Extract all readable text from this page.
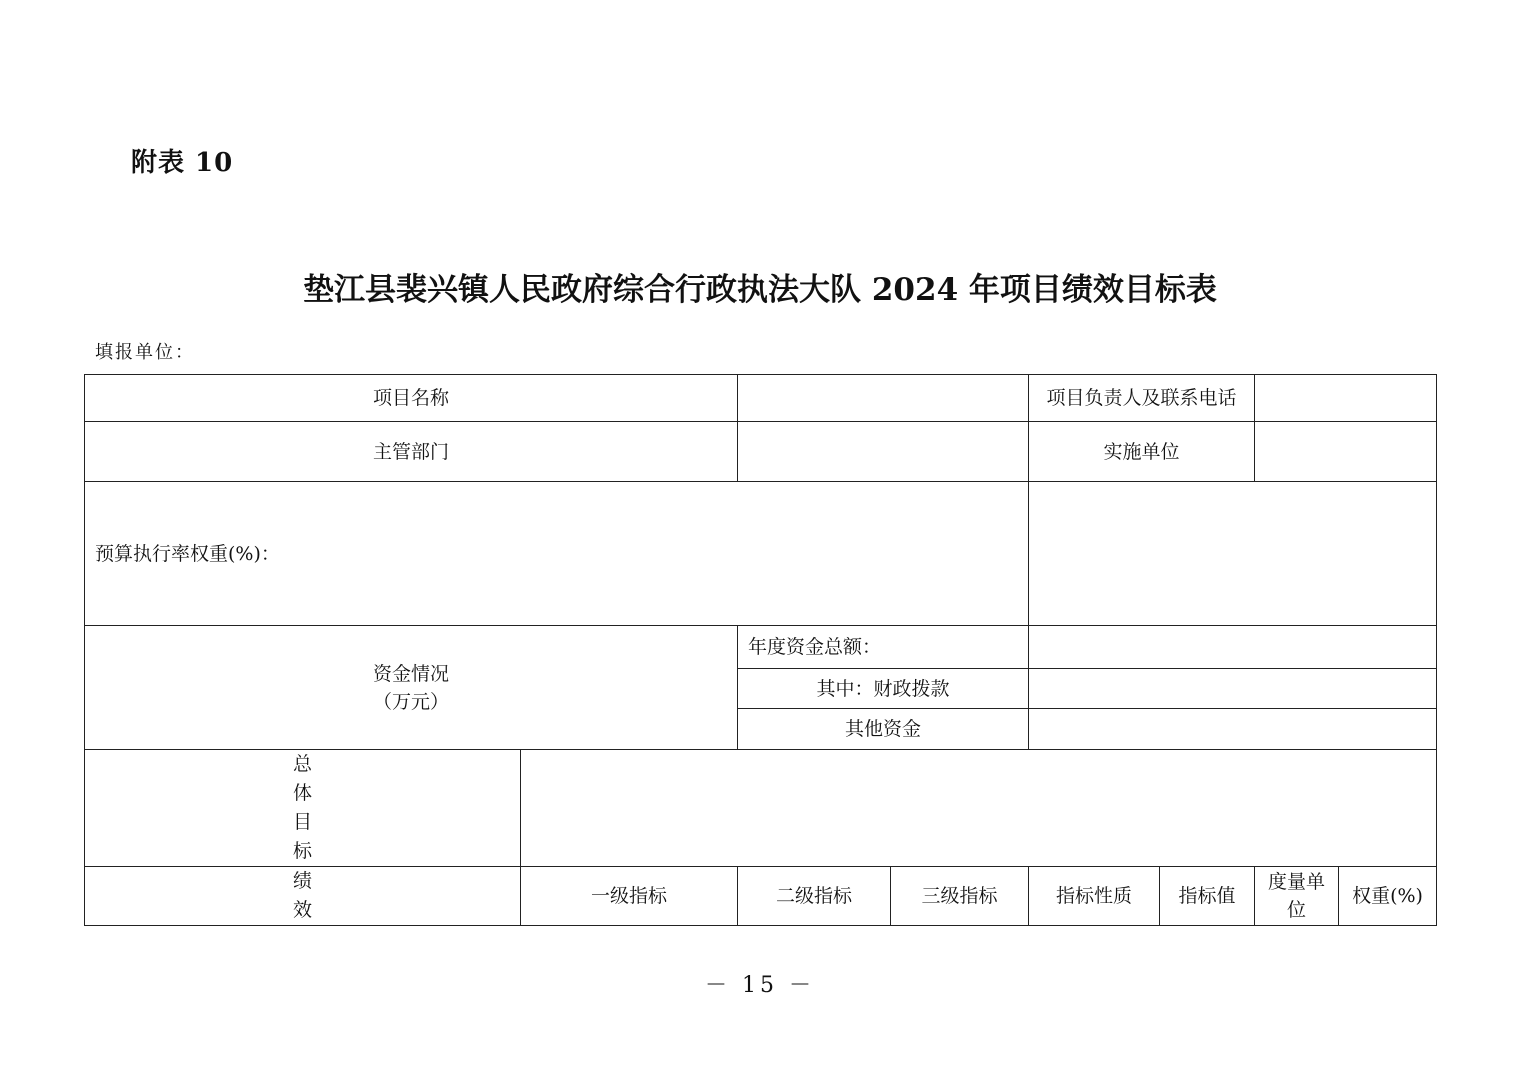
附表 10
垫江县裴兴镇人民政府综合行政执法大队 2024 年项目绩效目标表
填报单位：
项目名称				项目负责人及联系电话			
主管部门				实施单位			
预算执行率权重(%)：							

资金情况
（万元）		年度资金总额：					
		其中：财政拨款					
		其他资金					
总体目标							
绩效	一级指标	二级指标	三级指标	指标性质	指标值	度量单位	权重(%)
－ 15 －
